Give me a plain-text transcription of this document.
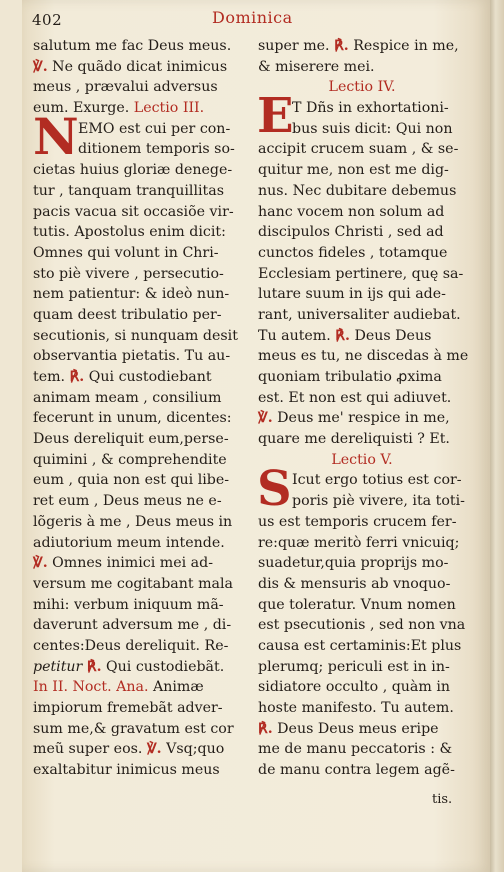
402	Dominica
salutum me fac Deus meus.
℣. Ne quãdo dicat inimicus
meus , prævalui adversus
eum. Exurge. Lectio III.
EMO est cui per con-
ditionem temporis so-
cietas huius gloriæ denege-
tur , tanquam tranquillitas
pacis vacua sit occasiõe vir-
tutis. Apostolus enim dicit:
Omnes qui volunt in Chri-
sto piè vivere , persecutio-
nem patientur: & ideò nun-
quam deest tribulatio per-
secutionis, si nunquam desit
observantia pietatis. Tu au-
tem. ℟. Qui custodiebant
animam meam , consilium
fecerunt in unum, dicentes:
Deus dereliquit eum,perse-
quimini , & comprehendite
eum , quia non est qui libe-
ret eum , Deus meus ne e-
lõgeris à me , Deus meus in
adiutorium meum intende.
℣. Omnes inimici mei ad-
versum me cogitabant mala
mihi: verbum iniquum mã-
daverunt adversum me , di-
centes:Deus dereliquit. Re-
petitur ℟. Qui custodiebãt.
In II. Noct. Ana. Animæ
impiorum fremebãt adver-
sum me,& gravatum est cor
meũ super eos. ℣. Vsq;quo
exaltabitur inimicus meus
super me. ℟. Respice in me,
& miserere mei.
Lectio IV.
T Dñs in exhortationi-
bus suis dicit: Qui non
accipit crucem suam , & se-
quitur me, non est me dig-
nus. Nec dubitare debemus
hanc vocem non solum ad
discipulos Christi , sed ad
cunctos fideles , totamque
Ecclesiam pertinere, quę sa-
lutare suum in ijs qui ade-
rant, universaliter audiebat.
Tu autem. ℟. Deus Deus
meus es tu, ne discedas à me
quoniam tribulatio ꝓxima
est. Et non est qui adiuvet.
℣. Deus me' respice in me,
quare me dereliquisti ? Et.
Lectio V.
Icut ergo totius est cor-
poris piè vivere, ita toti-
us est temporis crucem fer-
re:quæ meritò ferri vnicuiq;
suadetur,quia proprijs mo-
dis & mensuris ab vnoquo-
que toleratur. Vnum nomen
est psecutionis , sed non vna
causa est certaminis:Et plus
plerumq; periculi est in in-
sidiatore occulto , quàm in
hoste manifesto. Tu autem.
℟. Deus Deus meus eripe
me de manu peccatoris : &
de manu contra legem agẽ-
N	E
S
tis.
